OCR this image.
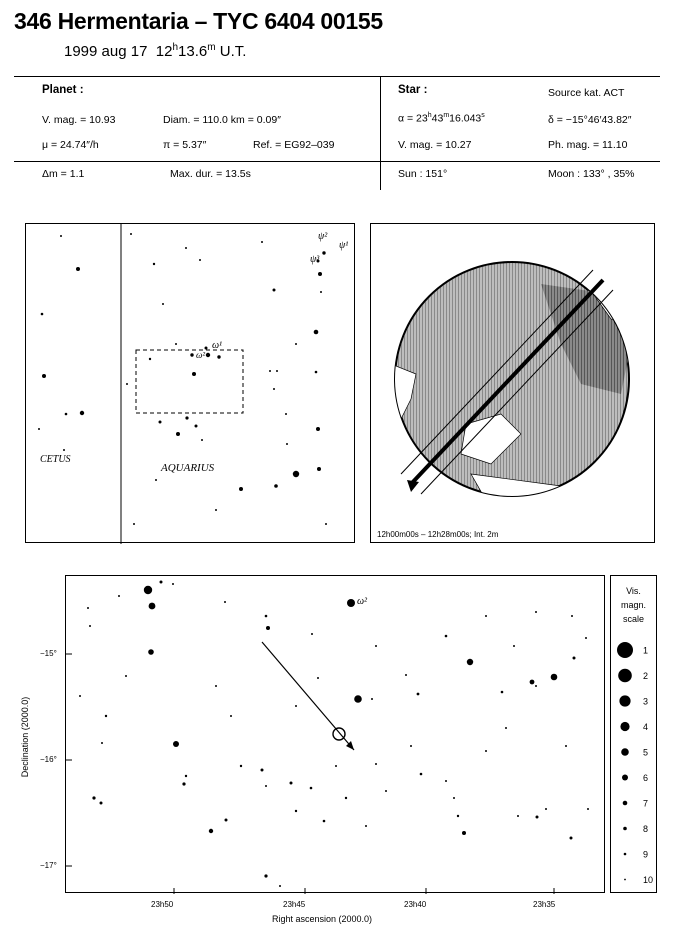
346 Hermentaria – TYC 6404 00155
1999 aug 17 12$^h$13.6$^m$ U.T.
Planet :
V. mag. = 10.93	Diam. = 110.0 km = 0.09″
μ = 24.74″/h	π = 5.37″	Ref. = EG92–039
Δm = 1.1	Max. dur. = 13.5s
Star :	Source kat. ACT
$\alpha = 23^h43^m16.043^s$	δ = −15°46′43.82″
V. mag. = 10.27	Ph. mag. = 11.10
Sun : 151°	Moon : 133° , 35%
CETUS
AQUARIUS
ω¹
ω²
ψ²
ψ¹
ψ³
12h00m00s – 12h28m00s; Int. 2m
ω²
23h50	23h45	23h40	23h35
−15°
−16°
−17°
Right ascension (2000.0)
Declination (2000.0)
Vis.
magn.
scale
1
2
3
4
5
6
7
8
9
10
